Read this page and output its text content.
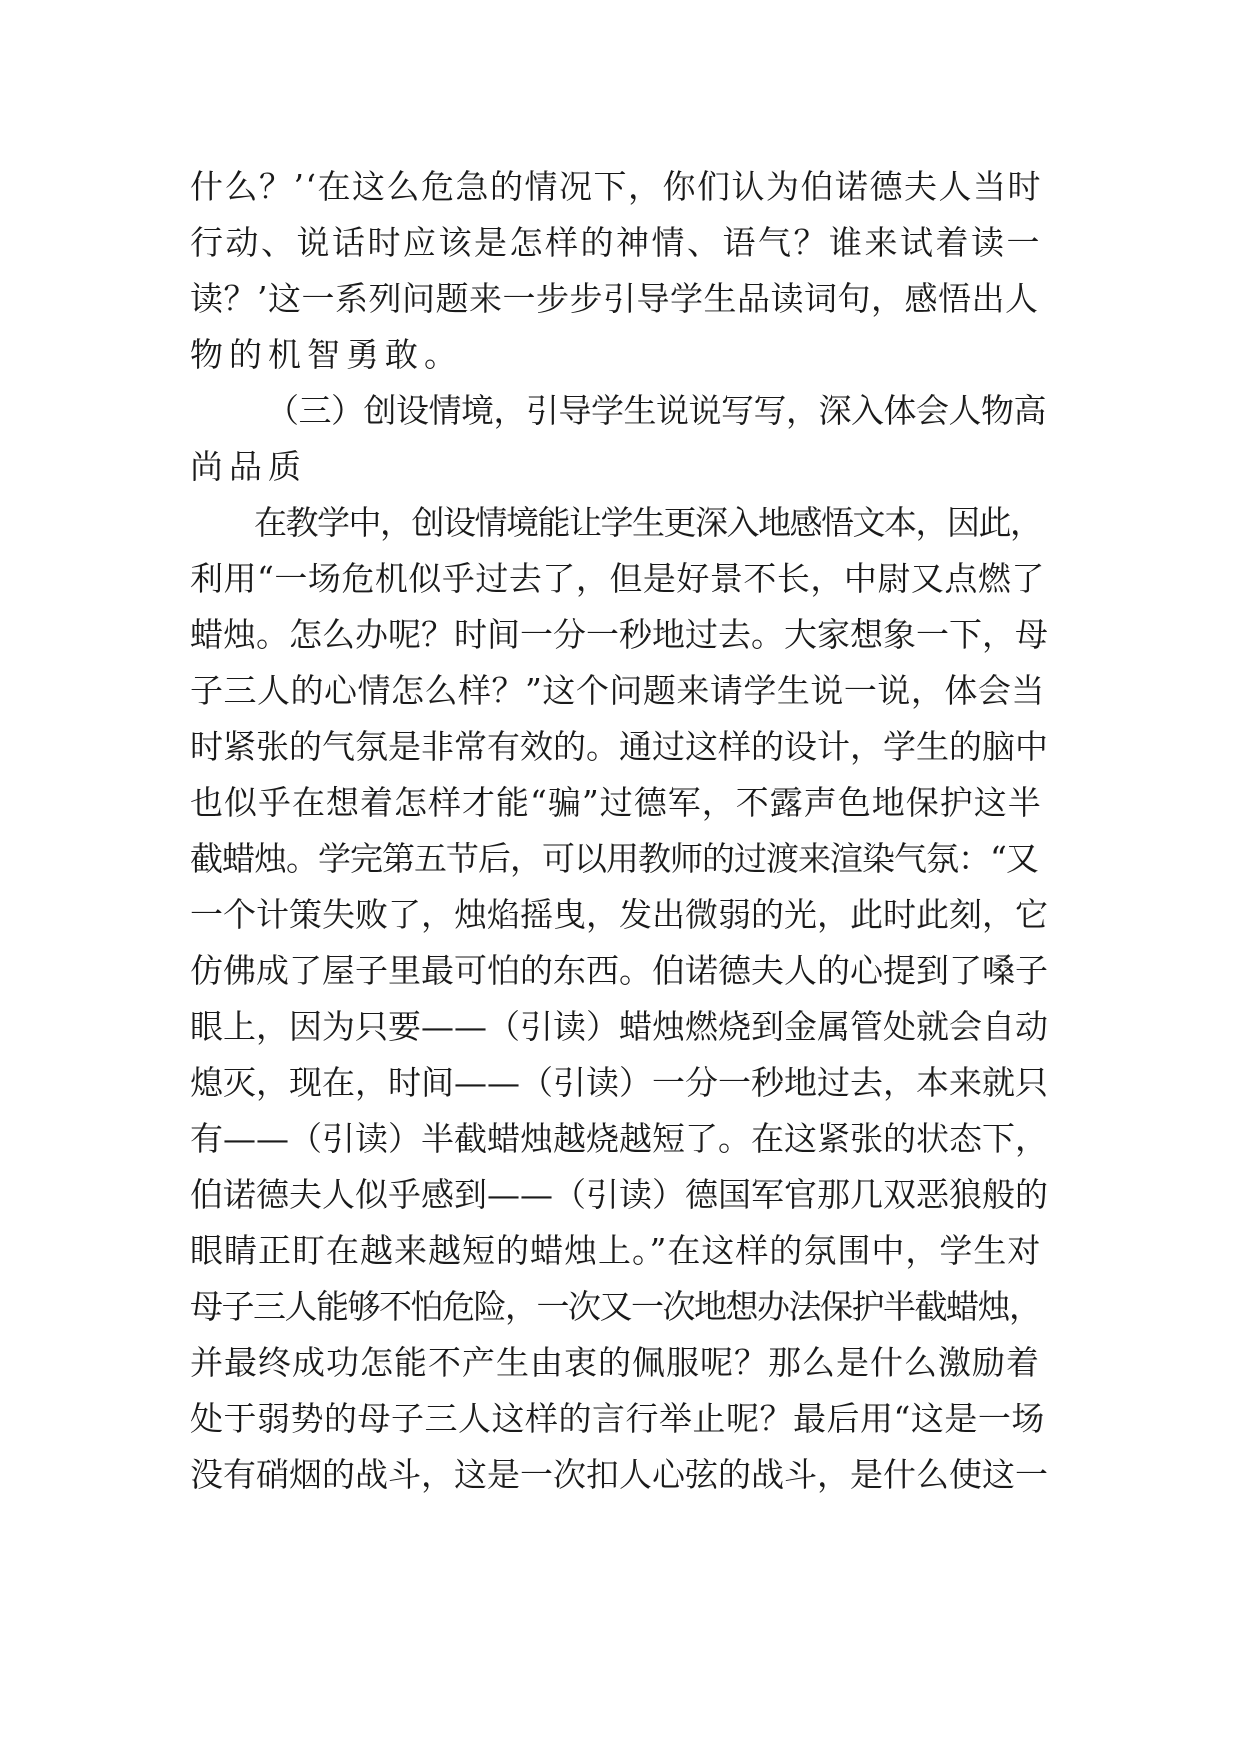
什么？’‘在这么危急的情况下，你们认为伯诺德夫人当时
行动、说话时应该是怎样的神情、语气？谁来试着读一
读？’这一系列问题来一步步引导学生品读词句，感悟出人
物的机智勇敢。
（三）创设情境，引导学生说说写写，深入体会人物高
尚品质
在教学中，创设情境能让学生更深入地感悟文本，因此，
利用“一场危机似乎过去了，但是好景不长，中尉又点燃了
蜡烛。怎么办呢？时间一分一秒地过去。大家想象一下，母
子三人的心情怎么样？”这个问题来请学生说一说，体会当
时紧张的气氛是非常有效的。通过这样的设计，学生的脑中
也似乎在想着怎样才能“骗”过德军，不露声色地保护这半
截蜡烛。学完第五节后，可以用教师的过渡来渲染气氛：“又
一个计策失败了，烛焰摇曳，发出微弱的光，此时此刻，它
仿佛成了屋子里最可怕的东西。伯诺德夫人的心提到了嗓子
眼上，因为只要——（引读）蜡烛燃烧到金属管处就会自动
熄灭，现在，时间——（引读）一分一秒地过去，本来就只
有——（引读）半截蜡烛越烧越短了。在这紧张的状态下，
伯诺德夫人似乎感到——（引读）德国军官那几双恶狼般的
眼睛正盯在越来越短的蜡烛上。”在这样的氛围中，学生对
母子三人能够不怕危险，一次又一次地想办法保护半截蜡烛，
并最终成功怎能不产生由衷的佩服呢？那么是什么激励着
处于弱势的母子三人这样的言行举止呢？最后用“这是一场
没有硝烟的战斗，这是一次扣人心弦的战斗，是什么使这一
